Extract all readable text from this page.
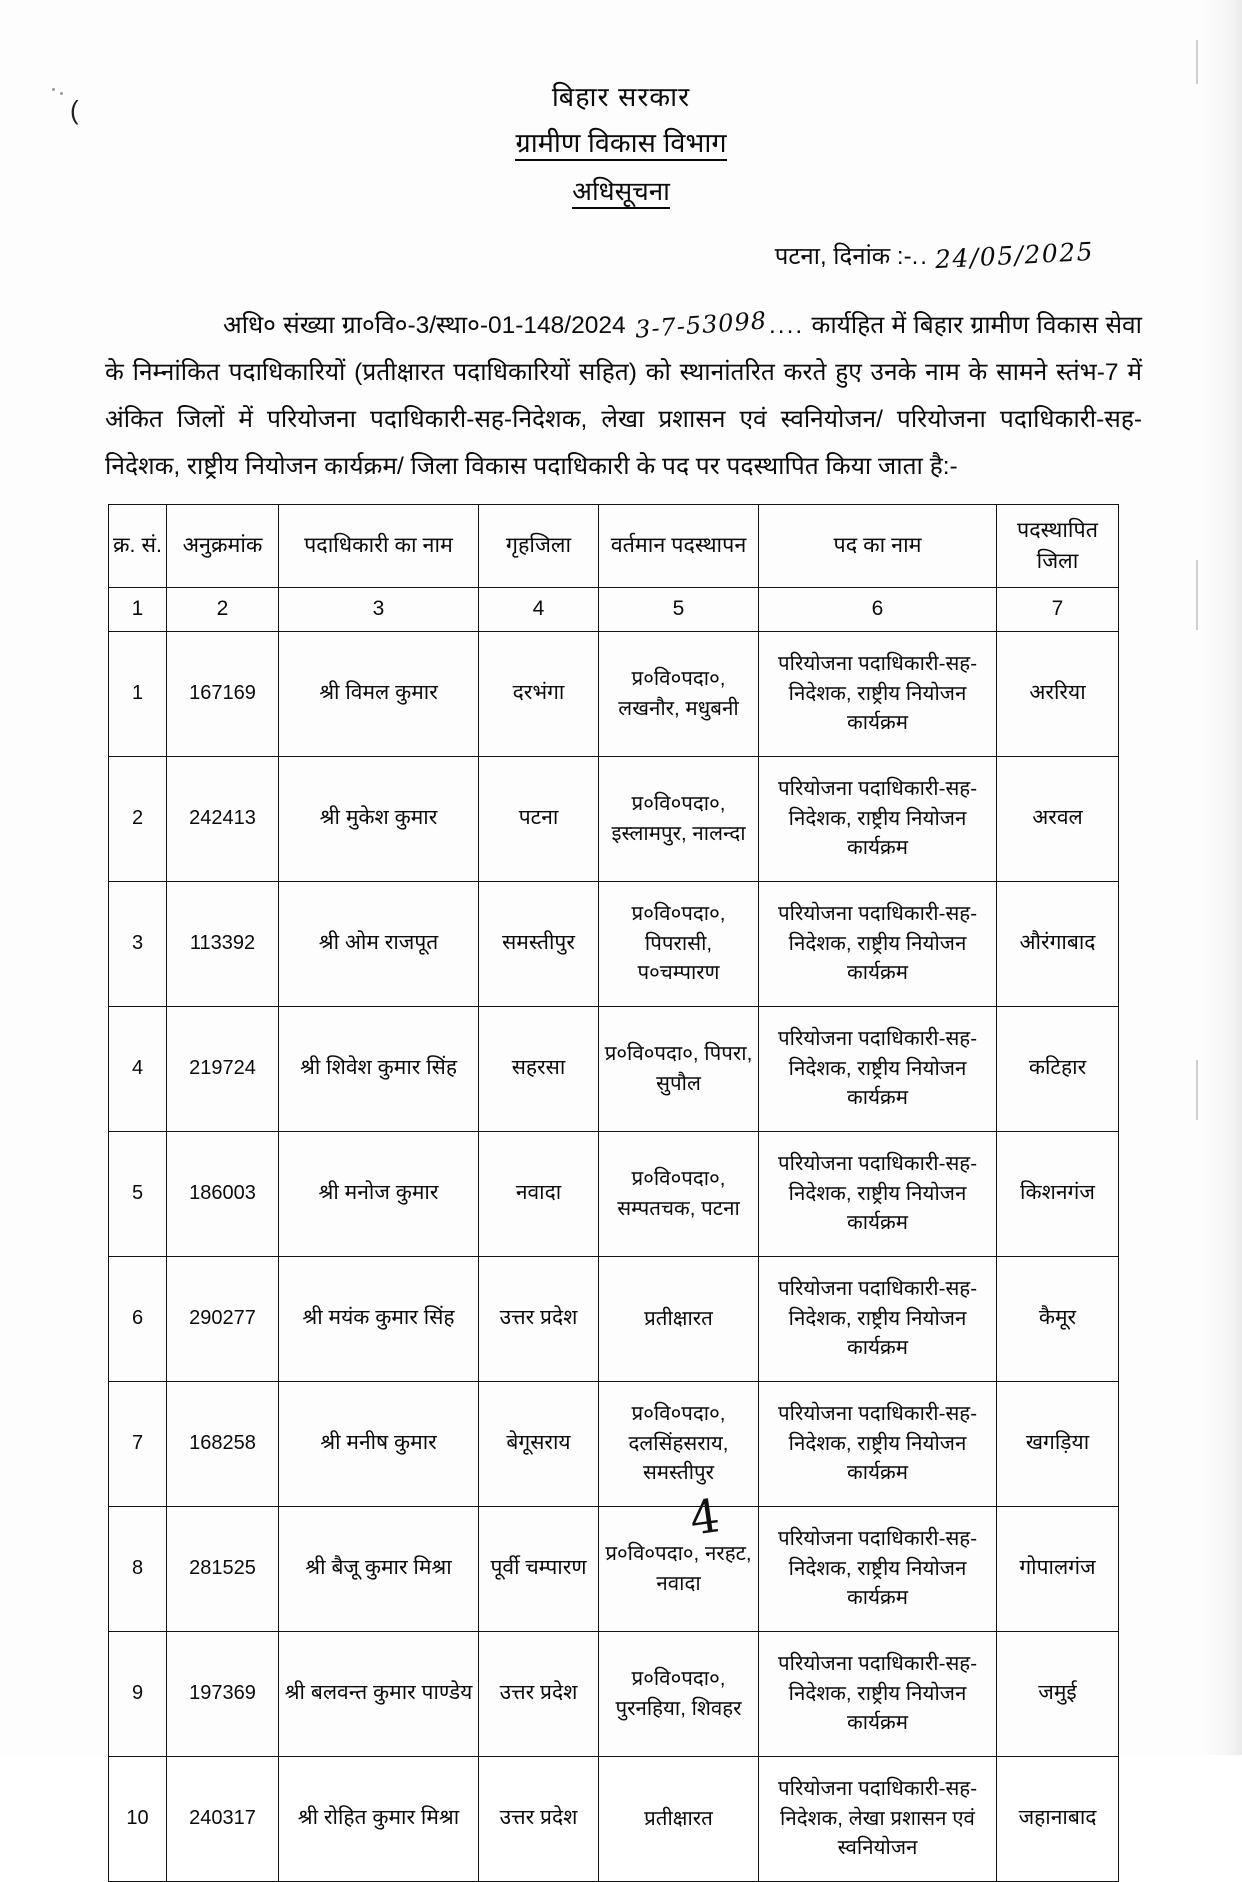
(	बिहार सरकार
ग्रामीण विकास विभाग
अधिसूचना
पटना, दिनांक :-.. 24/05/2025
अधि० संख्या ग्रा०वि०-3/स्था०-01-148/2024 3-7-53098.... कार्यहित में बिहार ग्रामीण विकास सेवा के निम्नांकित पदाधिकारियों (प्रतीक्षारत पदाधिकारियों सहित) को स्थानांतरित करते हुए उनके नाम के सामने स्तंभ-7 में अंकित जिलों में परियोजना पदाधिकारी-सह-निदेशक, लेखा प्रशासन एवं स्वनियोजन/ परियोजना पदाधिकारी-सह-निदेशक, राष्ट्रीय नियोजन कार्यक्रम/ जिला विकास पदाधिकारी के पद पर पदस्थापित किया जाता है:-
क्र. सं.	अनुक्रमांक	पदाधिकारी का नाम	गृहजिला	वर्तमान पदस्थापन	पद का नाम	पदस्थापित जिला
1	2	3	4	5	6	7
1	167169	श्री विमल कुमार	दरभंगा	प्र०वि०पदा०, लखनौर, मधुबनी	परियोजना पदाधिकारी-सह-निदेशक, राष्ट्रीय नियोजन कार्यक्रम	अररिया
2	242413	श्री मुकेश कुमार	पटना	प्र०वि०पदा०, इस्लामपुर, नालन्दा	परियोजना पदाधिकारी-सह-निदेशक, राष्ट्रीय नियोजन कार्यक्रम	अरवल
3	113392	श्री ओम राजपूत	समस्तीपुर	प्र०वि०पदा०, पिपरासी, प०चम्पारण	परियोजना पदाधिकारी-सह-निदेशक, राष्ट्रीय नियोजन कार्यक्रम	औरंगाबाद
4	219724	श्री शिवेश कुमार सिंह	सहरसा	प्र०वि०पदा०, पिपरा, सुपौल	परियोजना पदाधिकारी-सह-निदेशक, राष्ट्रीय नियोजन कार्यक्रम	कटिहार
5	186003	श्री मनोज कुमार	नवादा	प्र०वि०पदा०, सम्पतचक, पटना	परियोजना पदाधिकारी-सह-निदेशक, राष्ट्रीय नियोजन कार्यक्रम	किशनगंज
6	290277	श्री मयंक कुमार सिंह	उत्तर प्रदेश	प्रतीक्षारत	परियोजना पदाधिकारी-सह-निदेशक, राष्ट्रीय नियोजन कार्यक्रम	कैमूर
7	168258	श्री मनीष कुमार	बेगूसराय	प्र०वि०पदा०, दलसिंहसराय, समस्तीपुर	परियोजना पदाधिकारी-सह-निदेशक, राष्ट्रीय नियोजन कार्यक्रम	खगड़िया
8	281525	श्री बैजू कुमार मिश्रा	पूर्वी चम्पारण	प्र०वि०पदा०, नरहट, नवादा	परियोजना पदाधिकारी-सह-निदेशक, राष्ट्रीय नियोजन कार्यक्रम	गोपालगंज
9	197369	श्री बलवन्त कुमार पाण्डेय	उत्तर प्रदेश	प्र०वि०पदा०, पुरनहिया, शिवहर	परियोजना पदाधिकारी-सह-निदेशक, राष्ट्रीय नियोजन कार्यक्रम	जमुई
10	240317	श्री रोहित कुमार मिश्रा	उत्तर प्रदेश	प्रतीक्षारत	परियोजना पदाधिकारी-सह-निदेशक, लेखा प्रशासन एवं स्वनियोजन	जहानाबाद
4
